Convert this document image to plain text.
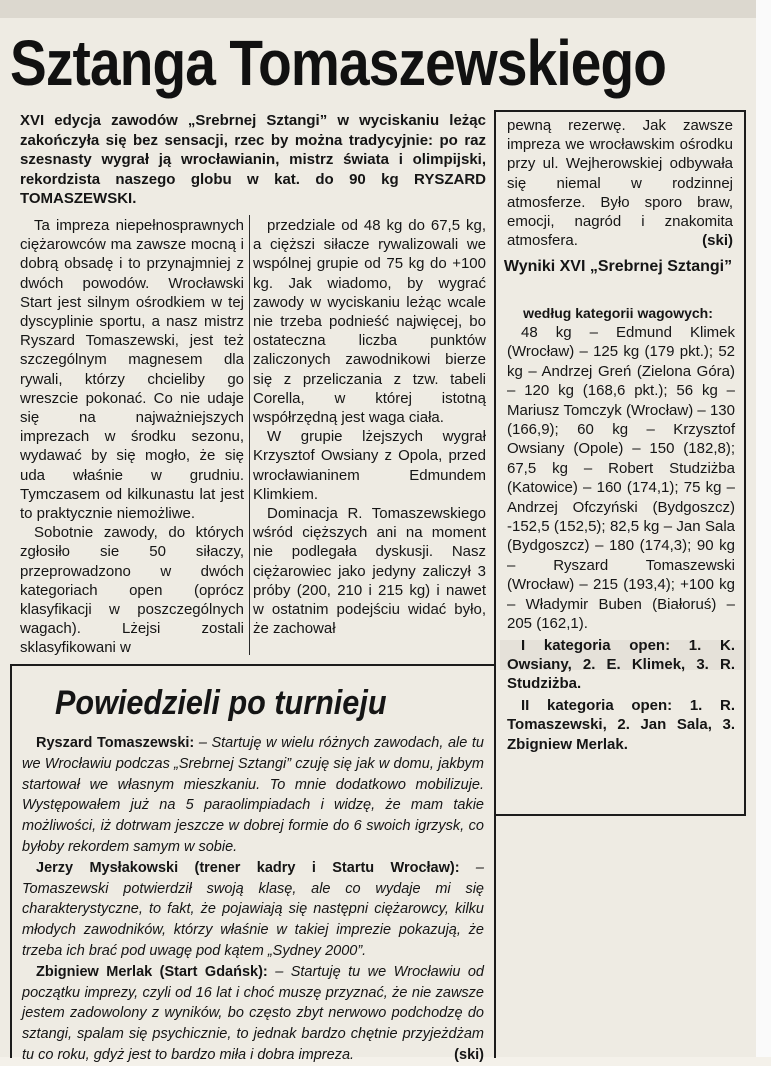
Sztanga Tomaszewskiego

XVI edycja zawodów „Srebrnej Sztangi” w wyciskaniu leżąc zakończyła się bez sensacji, rzec by można tradycyjnie: po raz szesnasty wygrał ją wrocławianin, mistrz świata i olimpijski, rekordzista naszego globu w kat. do 90 kg RYSZARD TOMASZEWSKI.

Ta impreza niepełnosprawnych ciężarowców ma zawsze mocną i dobrą obsadę i to przynajmniej z dwóch powodów. Wrocławski Start jest silnym ośrodkiem w tej dyscyplinie sportu, a nasz mistrz Ryszard Tomaszewski, jest też szczególnym magnesem dla rywali, którzy chcieliby go wreszcie pokonać. Co nie udaje się na najważniejszych imprezach w środku sezonu, wydawać by się mogło, że się uda właśnie w grudniu. Tymczasem od kilkunastu lat jest to praktycznie niemożliwe.

Sobotnie zawody, do których zgłosiło sie 50 siłaczy, przeprowadzono w dwóch kategoriach open (oprócz klasyfikacji w poszczególnych wagach). Lżejsi zostali sklasyfikowani w

przedziale od 48 kg do 67,5 kg, a cięższi siłacze rywalizowali we wspólnej grupie od 75 kg do +100 kg. Jak wiadomo, by wygrać zawody w wyciskaniu leżąc wcale nie trzeba podnieść najwięcej, bo ostateczna liczba punktów zaliczonych zawodnikowi bierze się z przeliczania z tzw. tabeli Corella, w której istotną współrzędną jest waga ciała.

W grupie lżejszych wygrał Krzysztof Owsiany z Opola, przed wrocławianinem Edmundem Klimkiem.

Dominacja R. Tomaszewskiego wśród cięższych ani na moment nie podlegała dyskusji. Nasz ciężarowiec jako jedyny zaliczył 3 próby (200, 210 i 215 kg) i nawet w ostatnim podejściu widać było, że zachował

pewną rezerwę. Jak zawsze impreza we wrocławskim ośrodku przy ul. Wejherowskiej odbywała się niemal w rodzinnej atmosferze. Było sporo braw, emocji, nagród i znakomita atmosfera.	(ski)
Wyniki XVI „Srebrnej Sztangi”
według kategorii wagowych:

48 kg – Edmund Klimek (Wrocław) – 125 kg (179 pkt.); 52 kg – Andrzej Greń (Zielona Góra) – 120 kg (168,6 pkt.); 56 kg – Mariusz Tomczyk (Wrocław) – 130 (166,9); 60 kg – Krzysztof Owsiany (Opole) – 150 (182,8); 67,5 kg – Robert Studziżba (Katowice) – 160 (174,1); 75 kg – Andrzej Ofczyński (Bydgoszcz) -152,5 (152,5); 82,5 kg – Jan Sala (Bydgoszcz) – 180 (174,3); 90 kg – Ryszard Tomaszewski (Wrocław) – 215 (193,4); +100 kg – Władymir Buben (Białoruś) – 205 (162,1).

I kategoria open: 1. K. Owsiany, 2. E. Klimek, 3. R. Studziżba.

II kategoria open: 1. R. Tomaszewski, 2. Jan Sala, 3. Zbigniew Merlak.

Powiedzieli po turnieju

Ryszard Tomaszewski: – Startuję w wielu różnych zawodach, ale tu we Wrocławiu podczas „Srebrnej Sztangi” czuję się jak w domu, jakbym startował we własnym mieszkaniu. To mnie dodatkowo mobilizuje. Występowałem już na 5 paraolimpiadach i widzę, że mam takie możliwości, iż dotrwam jeszcze w dobrej formie do 6 swoich igrzysk, co byłoby rekordem samym w sobie.

Jerzy Mysłakowski (trener kadry i Startu Wrocław): – Tomaszewski potwierdził swoją klasę, ale co wydaje mi się charakterystyczne, to fakt, że pojawiają się następni ciężarowcy, kilku młodych zawodników, którzy właśnie w takiej imprezie pokazują, że trzeba ich brać pod uwagę pod kątem „Sydney 2000”.

Zbigniew Merlak (Start Gdańsk): – Startuję tu we Wrocławiu od początku imprezy, czyli od 16 lat i choć muszę przyznać, że nie zawsze jestem zadowolony z wyników, bo często zbyt nerwowo podchodzę do sztangi, spalam się psychicznie, to jednak bardzo chętnie przyjeżdżam tu co roku, gdyż jest to bardzo miła i dobra impreza.	(ski)
